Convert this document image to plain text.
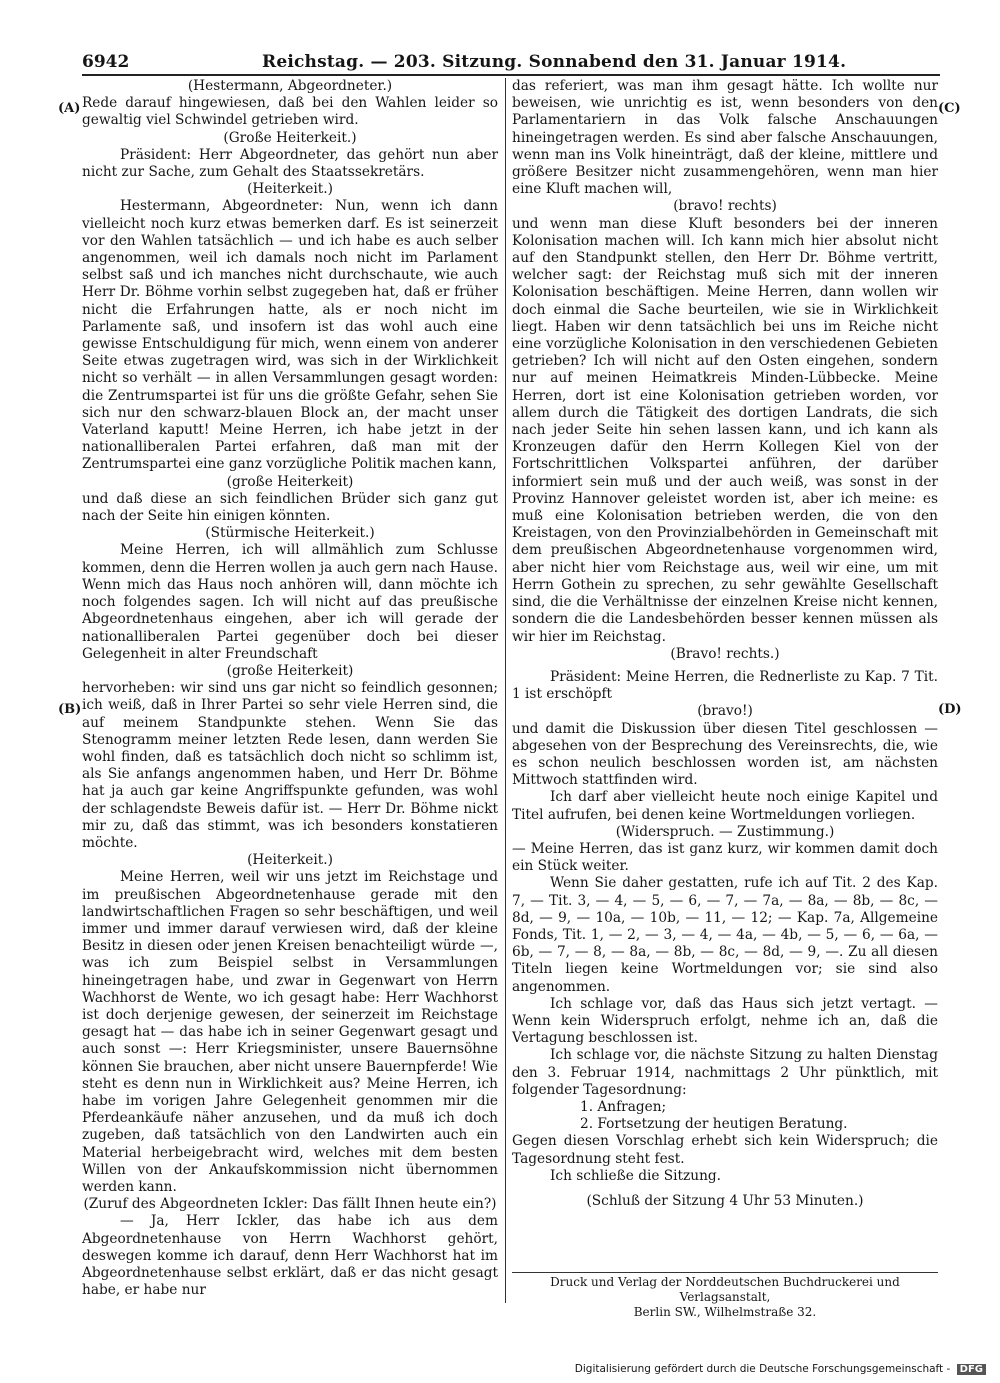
6942	Reichstag. — 203. Sitzung. Sonnabend den 31. Januar 1914.
(A)
(B)
(C)
(D)

(Hestermann, Abgeordneter.)

Rede darauf hingewiesen, daß bei den Wahlen leider so gewaltig viel Schwindel getrieben wird.

(Große Heiterkeit.)

Präsident: Herr Abgeordneter, das gehört nun aber nicht zur Sache, zum Gehalt des Staatssekretärs.

(Heiterkeit.)

Hestermann, Abgeordneter: Nun, wenn ich dann vielleicht noch kurz etwas bemerken darf. Es ist seinerzeit vor den Wahlen tatsächlich — und ich habe es auch selber angenommen, weil ich damals noch nicht im Parlament selbst saß und ich manches nicht durchschaute, wie auch Herr Dr. Böhme vorhin selbst zugegeben hat, daß er früher nicht die Erfahrungen hatte, als er noch nicht im Parlamente saß, und insofern ist das wohl auch eine gewisse Entschuldigung für mich, wenn einem von anderer Seite etwas zugetragen wird, was sich in der Wirklichkeit nicht so verhält — in allen Versammlungen gesagt worden: die Zentrumspartei ist für uns die größte Gefahr, sehen Sie sich nur den schwarz-blauen Block an, der macht unser Vaterland kaputt! Meine Herren, ich habe jetzt in der nationalliberalen Partei erfahren, daß man mit der Zentrumspartei eine ganz vorzügliche Politik machen kann,

(große Heiterkeit)

und daß diese an sich feindlichen Brüder sich ganz gut nach der Seite hin einigen könnten.

(Stürmische Heiterkeit.)

Meine Herren, ich will allmählich zum Schlusse kommen, denn die Herren wollen ja auch gern nach Hause. Wenn mich das Haus noch anhören will, dann möchte ich noch folgendes sagen. Ich will nicht auf das preußische Abgeordnetenhaus eingehen, aber ich will gerade der nationalliberalen Partei gegenüber doch bei dieser Gelegenheit in alter Freundschaft

(große Heiterkeit)

hervorheben: wir sind uns gar nicht so feindlich gesonnen; ich weiß, daß in Ihrer Partei so sehr viele Herren sind, die auf meinem Standpunkte stehen. Wenn Sie das Stenogramm meiner letzten Rede lesen, dann werden Sie wohl finden, daß es tatsächlich doch nicht so schlimm ist, als Sie anfangs angenommen haben, und Herr Dr. Böhme hat ja auch gar keine Angriffspunkte gefunden, was wohl der schlagendste Beweis dafür ist. — Herr Dr. Böhme nickt mir zu, daß das stimmt, was ich besonders konstatieren möchte.

(Heiterkeit.)

Meine Herren, weil wir uns jetzt im Reichstage und im preußischen Abgeordnetenhause gerade mit den landwirtschaftlichen Fragen so sehr beschäftigen, und weil immer und immer darauf verwiesen wird, daß der kleine Besitz in diesen oder jenen Kreisen benachteiligt würde —, was ich zum Beispiel selbst in Versammlungen hineingetragen habe, und zwar in Gegenwart von Herrn Wachhorst de Wente, wo ich gesagt habe: Herr Wachhorst ist doch derjenige gewesen, der seinerzeit im Reichstage gesagt hat — das habe ich in seiner Gegenwart gesagt und auch sonst —: Herr Kriegsminister, unsere Bauernsöhne können Sie brauchen, aber nicht unsere Bauernpferde! Wie steht es denn nun in Wirklichkeit aus? Meine Herren, ich habe im vorigen Jahre Gelegenheit genommen mir die Pferdeankäufe näher anzusehen, und da muß ich doch zugeben, daß tatsächlich von den Landwirten auch ein Material herbeigebracht wird, welches mit dem besten Willen von der Ankaufskommission nicht übernommen werden kann.

(Zuruf des Abgeordneten Ickler: Das fällt Ihnen heute ein?)

— Ja, Herr Ickler, das habe ich aus dem Abgeordnetenhause von Herrn Wachhorst gehört, deswegen komme ich darauf, denn Herr Wachhorst hat im Abgeordnetenhause selbst erklärt, daß er das nicht gesagt habe, er habe nur

das referiert, was man ihm gesagt hätte. Ich wollte nur beweisen, wie unrichtig es ist, wenn besonders von den Parlamentariern in das Volk falsche Anschauungen hineingetragen werden. Es sind aber falsche Anschauungen, wenn man ins Volk hineinträgt, daß der kleine, mittlere und größere Besitzer nicht zusammengehören, wenn man hier eine Kluft machen will,

(bravo! rechts)

und wenn man diese Kluft besonders bei der inneren Kolonisation machen will. Ich kann mich hier absolut nicht auf den Standpunkt stellen, den Herr Dr. Böhme vertritt, welcher sagt: der Reichstag muß sich mit der inneren Kolonisation beschäftigen. Meine Herren, dann wollen wir doch einmal die Sache beurteilen, wie sie in Wirklichkeit liegt. Haben wir denn tatsächlich bei uns im Reiche nicht eine vorzügliche Kolonisation in den verschiedenen Gebieten getrieben? Ich will nicht auf den Osten eingehen, sondern nur auf meinen Heimatkreis Minden-Lübbecke. Meine Herren, dort ist eine Kolonisation getrieben worden, vor allem durch die Tätigkeit des dortigen Landrats, die sich nach jeder Seite hin sehen lassen kann, und ich kann als Kronzeugen dafür den Herrn Kollegen Kiel von der Fortschrittlichen Volkspartei anführen, der darüber informiert sein muß und der auch weiß, was sonst in der Provinz Hannover geleistet worden ist, aber ich meine: es muß eine Kolonisation betrieben werden, die von den Kreistagen, von den Provinzialbehörden in Gemeinschaft mit dem preußischen Abgeordnetenhause vorgenommen wird, aber nicht hier vom Reichstage aus, weil wir eine, um mit Herrn Gothein zu sprechen, zu sehr gewählte Gesellschaft sind, die die Verhältnisse der einzelnen Kreise nicht kennen, sondern die die Landesbehörden besser kennen müssen als wir hier im Reichstag.

(Bravo! rechts.)

Präsident: Meine Herren, die Rednerliste zu Kap. 7 Tit. 1 ist erschöpft

(bravo!)

und damit die Diskussion über diesen Titel geschlossen — abgesehen von der Besprechung des Vereinsrechts, die, wie es schon neulich beschlossen worden ist, am nächsten Mittwoch stattfinden wird.

Ich darf aber vielleicht heute noch einige Kapitel und Titel aufrufen, bei denen keine Wortmeldungen vorliegen.

(Widerspruch. — Zustimmung.)

— Meine Herren, das ist ganz kurz, wir kommen damit doch ein Stück weiter.

Wenn Sie daher gestatten, rufe ich auf Tit. 2 des Kap. 7, — Tit. 3, — 4, — 5, — 6, — 7, — 7a, — 8a, — 8b, — 8c, — 8d, — 9, — 10a, — 10b, — 11, — 12; — Kap. 7a, Allgemeine Fonds, Tit. 1, — 2, — 3, — 4, — 4a, — 4b, — 5, — 6, — 6a, — 6b, — 7, — 8, — 8a, — 8b, — 8c, — 8d, — 9, —. Zu all diesen Titeln liegen keine Wortmeldungen vor; sie sind also angenommen.

Ich schlage vor, daß das Haus sich jetzt vertagt. — Wenn kein Widerspruch erfolgt, nehme ich an, daß die Vertagung beschlossen ist.

Ich schlage vor, die nächste Sitzung zu halten Dienstag den 3. Februar 1914, nachmittags 2 Uhr pünktlich, mit folgender Tagesordnung:

1. Anfragen;

2. Fortsetzung der heutigen Beratung.

Gegen diesen Vorschlag erhebt sich kein Widerspruch; die Tagesordnung steht fest.

Ich schließe die Sitzung.

(Schluß der Sitzung 4 Uhr 53 Minuten.)

Druck und Verlag der Norddeutschen Buchdruckerei und Verlagsanstalt,
Berlin SW., Wilhelmstraße 32.
Digitalisierung gefördert durch die Deutsche Forschungsgemeinschaft - DFG
